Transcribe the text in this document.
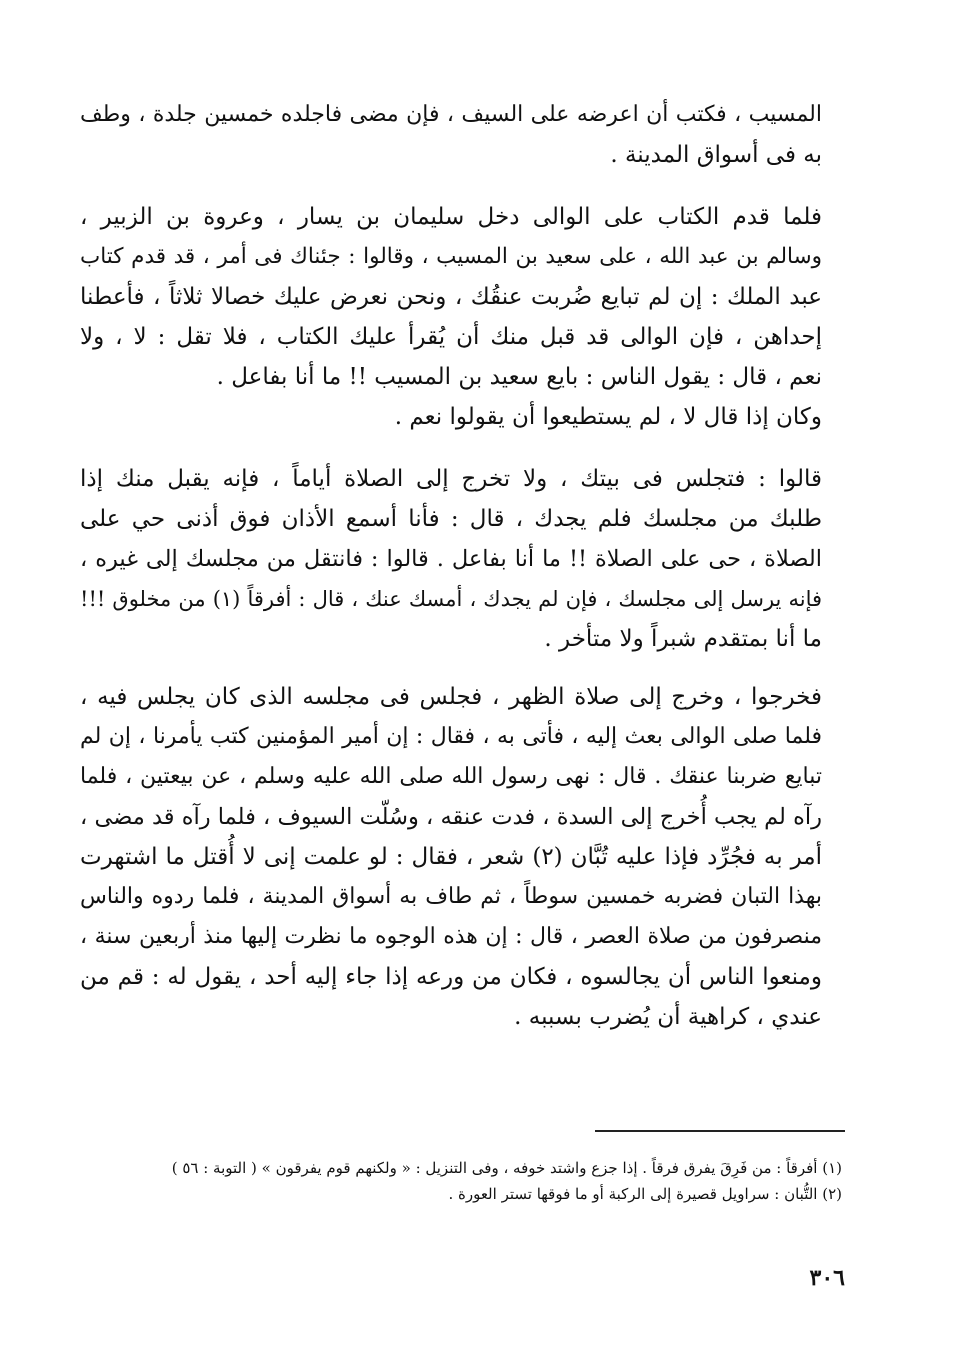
المسيب ، فكتب أن اعرضه على السيف ، فإن مضى فاجلده خمسين جلدة ، وطف
به فى أسواق المدينة .

فلما قدم الكتاب على الوالى دخل سليمان بن يسار ، وعروة بن الزبير ،
وسالم بن عبد الله ، على سعيد بن المسيب ، وقالوا : جئناك فى أمر ، قد قدم كتاب
عبد الملك : إن لم تبايع ضُربت عنقُك ، ونحن نعرض عليك خصالا ثلاثاً ، فأعطنا
إحداهن ، فإن الوالى قد قبل منك أن يُقرأ عليك الكتاب ، فلا تقل : لا ، ولا
نعم ، قال : يقول الناس : بايع سعيد بن المسيب !! ما أنا بفاعل .

وكان إذا قال لا ، لم يستطيعوا أن يقولوا نعم .

قالوا : فتجلس فى بيتك ، ولا تخرج إلى الصلاة أياماً ، فإنه يقبل منك إذا
طلبك من مجلسك فلم يجدك ، قال : فأنا أسمع الأذان فوق أذنى حي على
الصلاة ، حى على الصلاة !! ما أنا بفاعل . قالوا : فانتقل من مجلسك إلى غيره ،
فإنه يرسل إلى مجلسك ، فإن لم يجدك ، أمسك عنك ، قال : أفرقاً (١) من مخلوق !!!
ما أنا بمتقدم شبراً ولا متأخر .

فخرجوا ، وخرج إلى صلاة الظهر ، فجلس فى مجلسه الذى كان يجلس فيه ،
فلما صلى الوالى بعث إليه ، فأتى به ، فقال : إن أمير المؤمنين كتب يأمرنا ، إن لم
تبايع ضربنا عنقك . قال : نهى رسول الله صلى الله عليه وسلم ، عن بيعتين ، فلما
رآه لم يجب أُخرج إلى السدة ، فدت عنقه ، وسُلّت السيوف ، فلما رآه قد مضى ،
أمر به فجُرِّد فإذا عليه تُبَّان (٢) شعر ، فقال : لو علمت إنى لا أُقتل ما اشتهرت
بهذا التبان فضربه خمسين سوطاً ، ثم طاف به أسواق المدينة ، فلما ردوه والناس
منصرفون من صلاة العصر ، قال : إن هذه الوجوه ما نظرت إليها منذ أربعين سنة ،
ومنعوا الناس أن يجالسوه ، فكان من ورعه إذا جاء إليه أحد ، يقول له : قم من
عندي ، كراهية أن يُضرب بسببه .

(١) أفرقاً : من فَرِقَ يفرق فرقاً . إذا جزع واشتد خوفه ، وفى التنزيل : « ولكنهم قوم يفرقون » ( التوبة : ٥٦ )
(٢) التُّبان : سراويل قصيرة إلى الركبة أو ما فوقها تستر العورة .
٣٠٦
